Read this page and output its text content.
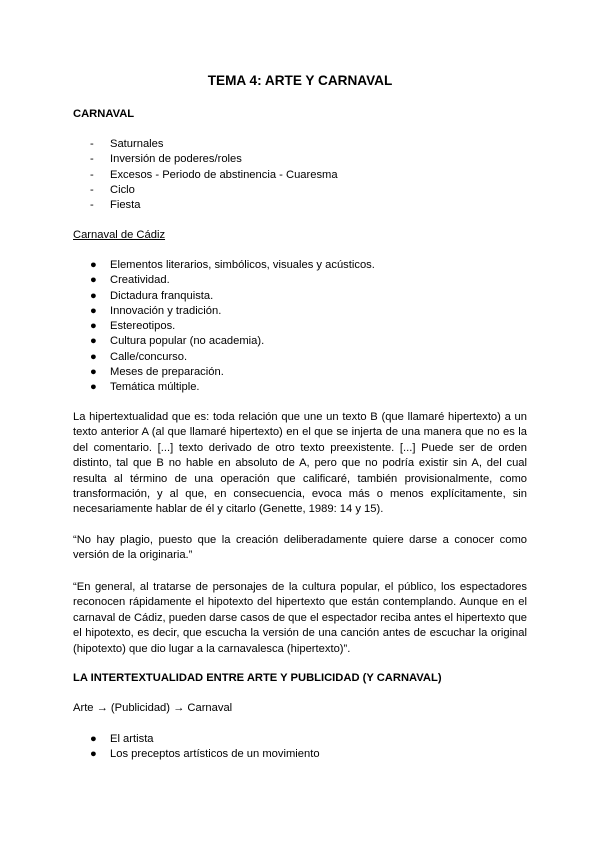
TEMA 4: ARTE Y CARNAVAL
CARNAVAL
- Saturnales
- Inversión de poderes/roles
- Excesos - Periodo de abstinencia - Cuaresma
- Ciclo
- Fiesta
Carnaval de Cádiz
● Elementos literarios, simbólicos, visuales y acústicos.
● Creatividad.
● Dictadura franquista.
● Innovación y tradición.
● Estereotipos.
● Cultura popular (no academia).
● Calle/concurso.
● Meses de preparación.
● Temática múltiple.

La hipertextualidad que es: toda relación que une un texto B (que llamaré hipertexto) a un texto anterior A (al que llamaré hipertexto) en el que se injerta de una manera que no es la del comentario. [...] texto derivado de otro texto preexistente. [...] Puede ser de orden distinto, tal que B no hable en absoluto de A, pero que no podría existir sin A, del cual resulta al término de una operación que calificaré, también provisionalmente, como transformación, y al que, en consecuencia, evoca más o menos explícitamente, sin necesariamente hablar de él y citarlo (Genette, 1989: 14 y 15).

“No hay plagio, puesto que la creación deliberadamente quiere darse a conocer como versión de la originaria.”

“En general, al tratarse de personajes de la cultura popular, el público, los espectadores reconocen rápidamente el hipotexto del hipertexto que están contemplando. Aunque en el carnaval de Cádiz, pueden darse casos de que el espectador reciba antes el hipertexto que el hipotexto, es decir, que escucha la versión de una canción antes de escuchar la original (hipotexto) que dio lugar a la carnavalesca (hipertexto)”.

LA INTERTEXTUALIDAD ENTRE ARTE Y PUBLICIDAD (Y CARNAVAL)
Arte → (Publicidad) → Carnaval
● El artista
● Los preceptos artísticos de un movimiento
